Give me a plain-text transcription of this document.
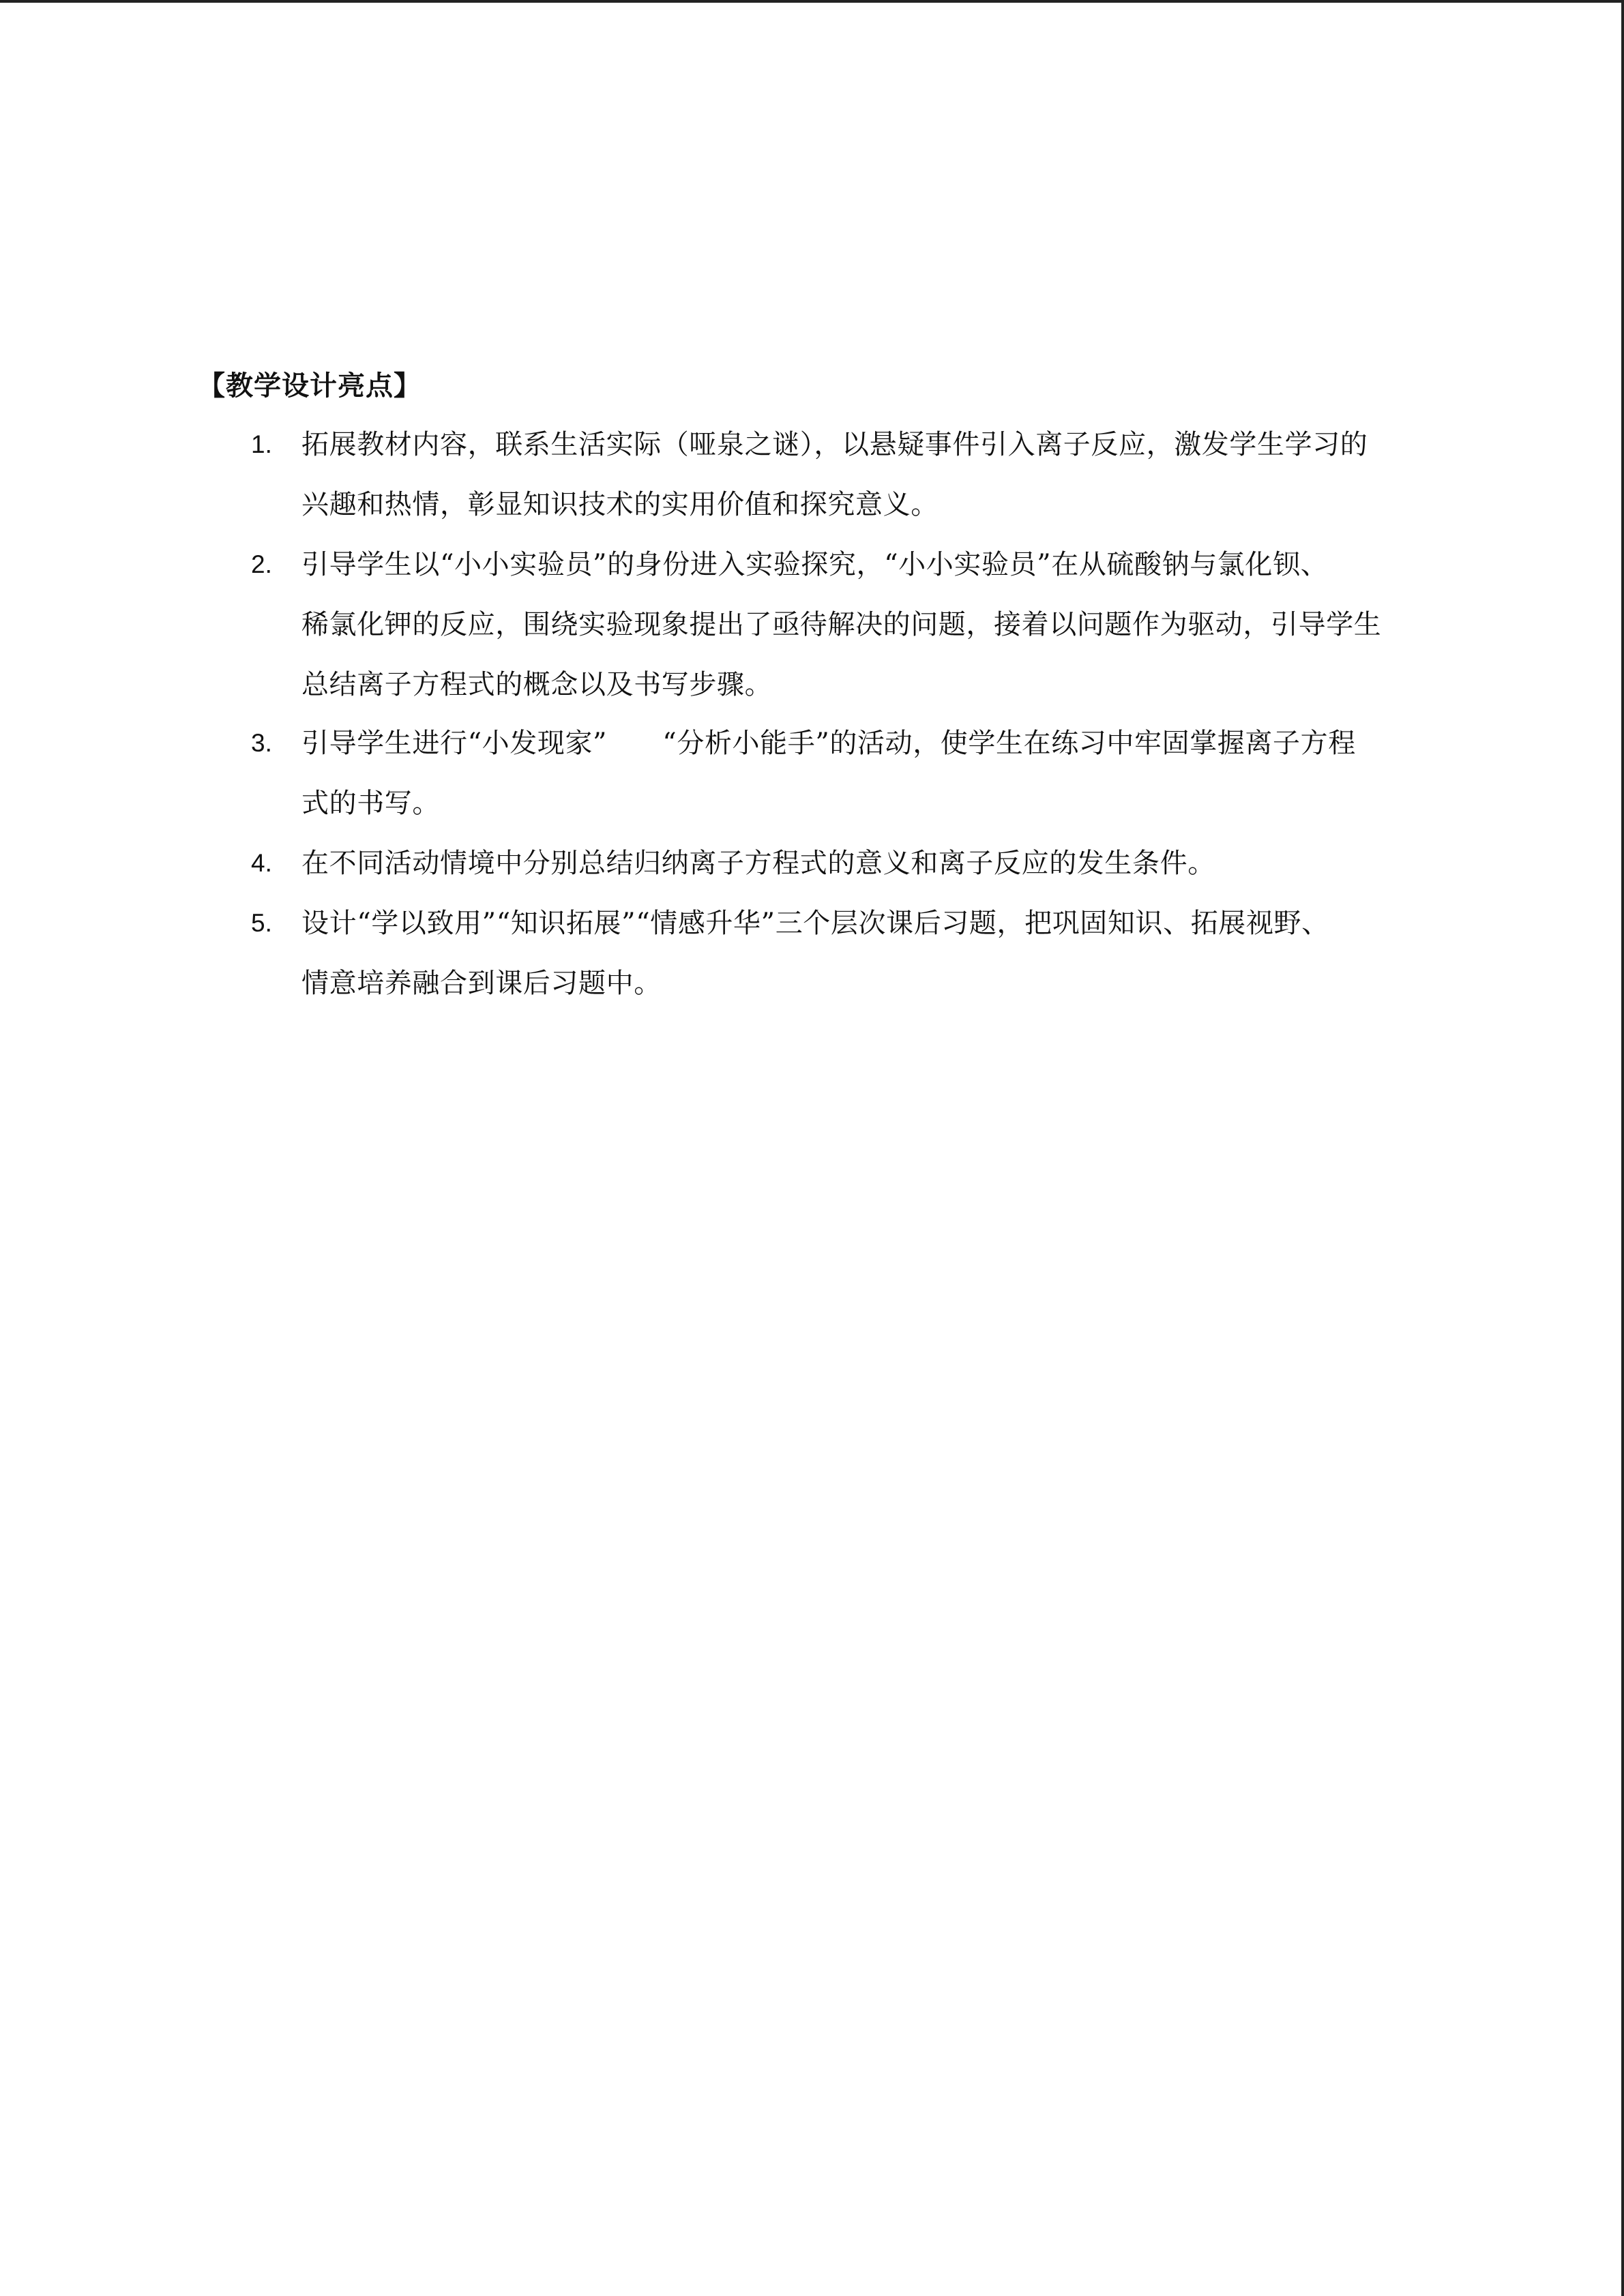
【教学设计亮点】
1.	拓展教材内容，联系生活实际（哑泉之谜），以悬疑事件引入离子反应，激发学生学习的
兴趣和热情，彰显知识技术的实用价值和探究意义。
2.	引导学生以“小小实验员”的身份进入实验探究，“小小实验员”在从硫酸钠与氯化钡、
稀氯化钾的反应，围绕实验现象提出了亟待解决的问题，接着以问题作为驱动，引导学生
总结离子方程式的概念以及书写步骤。
3.	引导学生进行“小发现家”　　“分析小能手”的活动，使学生在练习中牢固掌握离子方程
式的书写。
4.	在不同活动情境中分别总结归纳离子方程式的意义和离子反应的发生条件。
5.	设计“学以致用”“知识拓展”“情感升华”三个层次课后习题，把巩固知识、拓展视野、
情意培养融合到课后习题中。
